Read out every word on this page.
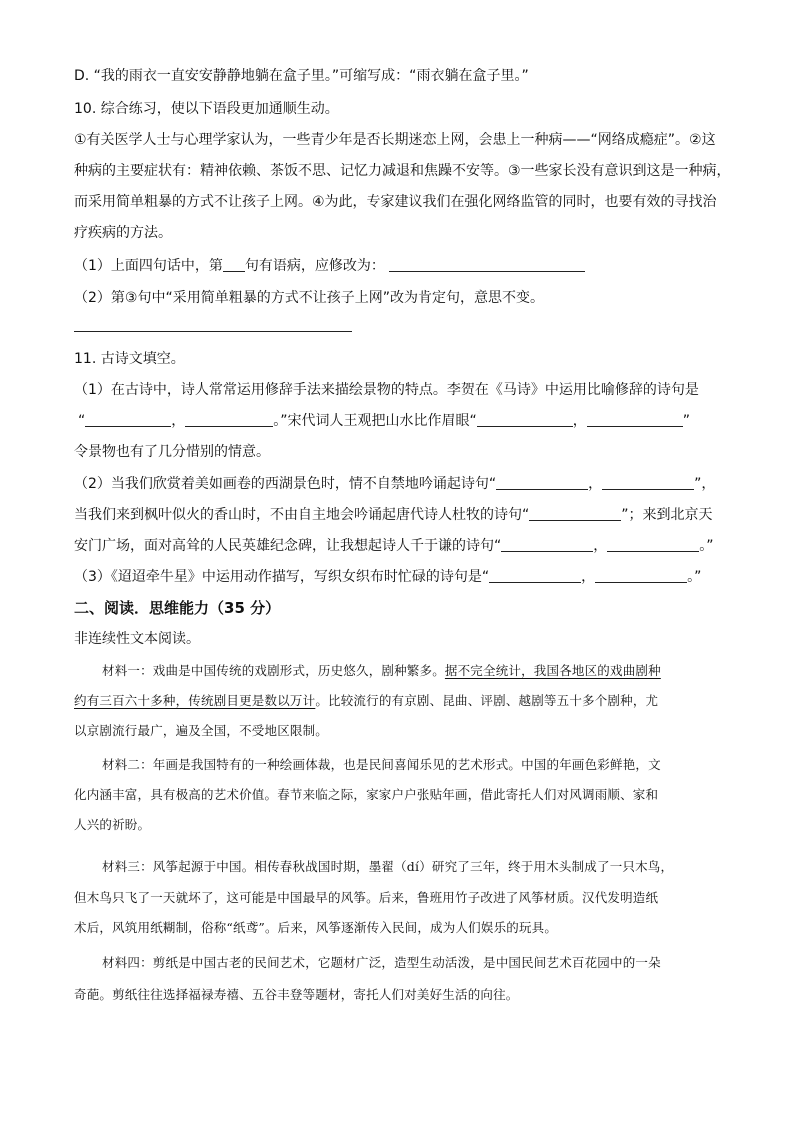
D. “我的雨衣一直安安静静地躺在盒子里。”可缩写成：“雨衣躺在盒子里。”
10. 综合练习，使以下语段更加通顺生动。
①有关医学人士与心理学家认为，一些青少年是否长期迷恋上网，会患上一种病——“网络成瘾症”。②这
种病的主要症状有：精神依赖、茶饭不思、记忆力减退和焦躁不安等。③一些家长没有意识到这是一种病，
而采用简单粗暴的方式不让孩子上网。④为此，专家建议我们在强化网络监管的同时，也要有效的寻找治
疗疾病的方法。
（1）上面四句话中，第 句有语病，应修改为：
（2）第③句中“采用简单粗暴的方式不让孩子上网”改为肯定句，意思不变。
11. 古诗文填空。
（1）在古诗中，诗人常常运用修辞手法来描绘景物的特点。李贺在《马诗》中运用比喻修辞的诗句是
“	，	。”宋代词人王观把山水比作眉眼“	，	”
令景物也有了几分惜别的情意。
（2）当我们欣赏着美如画卷的西湖景色时，情不自禁地吟诵起诗句“	，	”，
当我们来到枫叶似火的香山时，不由自主地会吟诵起唐代诗人杜牧的诗句“	”；来到北京天
安门广场，面对高耸的人民英雄纪念碑，让我想起诗人千于谦的诗句“	，	。”
（3）《迢迢牵牛星》中运用动作描写，写织女织布时忙碌的诗句是“	，	。”
二、阅读．思维能力（35 分）
非连续性文本阅读。
材料一：戏曲是中国传统的戏剧形式，历史悠久，剧种繁多。据不完全统计，我国各地区的戏曲剧种
约有三百六十多种，传统剧目更是数以万计。比较流行的有京剧、昆曲、评剧、越剧等五十多个剧种，尤
以京剧流行最广，遍及全国，不受地区限制。
材料二：年画是我国特有的一种绘画体裁，也是民间喜闻乐见的艺术形式。中国的年画色彩鲜艳，文
化内涵丰富，具有极高的艺术价值。春节来临之际，家家户户张贴年画，借此寄托人们对风调雨顺、家和
人兴的祈盼。
材料三：风筝起源于中国。相传春秋战国时期，墨翟（dí）研究了三年，终于用木头制成了一只木鸟，
但木鸟只飞了一天就坏了，这可能是中国最早的风筝。后来，鲁班用竹子改进了风筝材质。汉代发明造纸
术后，风筑用纸糊制，俗称“纸鸢”。后来，风筝逐渐传入民间，成为人们娱乐的玩具。
材料四：剪纸是中国古老的民间艺术，它题材广泛，造型生动活泼，是中国民间艺术百花园中的一朵
奇葩。剪纸往往选择福禄寿禧、五谷丰登等题材，寄托人们对美好生活的向往。
